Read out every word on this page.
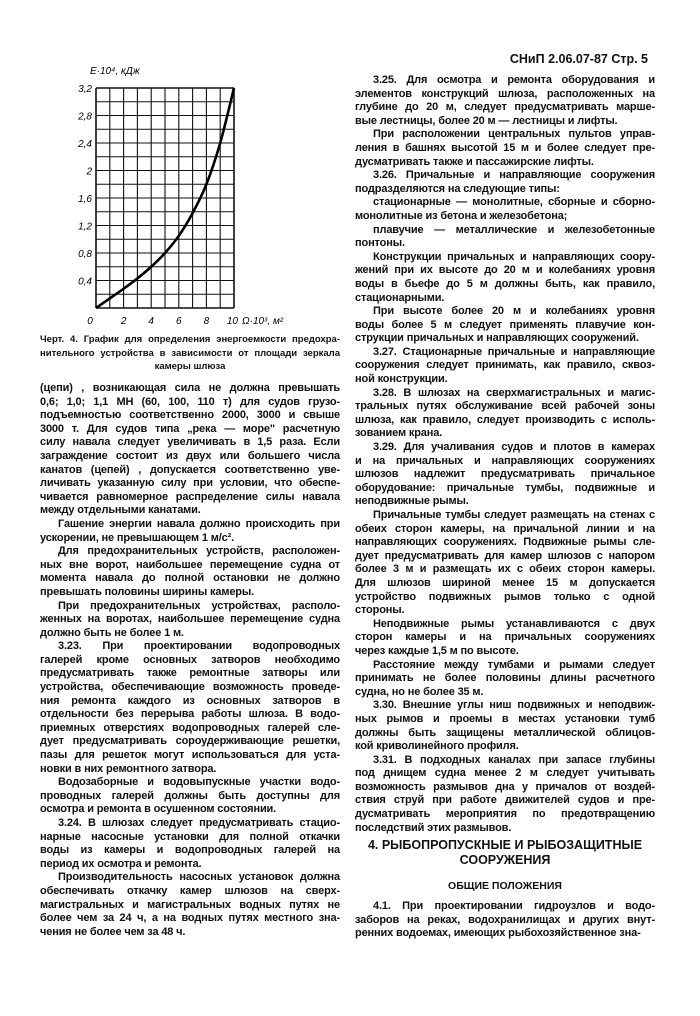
СНиП 2.06.07-87 Стр. 5
0,4
0,8
1,2
1,6
2
2,4
2,8
3,2
0	2 4 6 8 10 Ω·10³, м²
E·10⁴, кДж
Черт. 4. График для определения энергоемкости предохра-
нительного устройства в зависимости от площади зеркала
камеры шлюза
(цепи) , возникающая сила не должна превышать
0,6; 1,0; 1,1 МН (60, 100, 110 т) для судов грузо-
подъемностью соответственно 2000, 3000 и свыше
3000 т. Для судов типа „река — море" расчетную
силу навала следует увеличивать в 1,5 раза. Если
заграждение состоит из двух или большего числа
канатов (цепей) , допускается соответственно уве-
личивать указанную силу при условии, что обеспе-
чивается равномерное распределение силы навала
между отдельными канатами.
Гашение энергии навала должно происходить при
ускорении, не превышающем 1 м/с².
Для предохранительных устройств, расположен-
ных вне ворот, наибольшее перемещение судна от
момента навала до полной остановки не должно
превышать половины ширины камеры.
При предохранительных устройствах, располо-
женных на воротах, наибольшее перемещение судна
должно быть не более 1 м.
3.23. При проектировании водопроводных
галерей кроме основных затворов необходимо
предусматривать также ремонтные затворы или
устройства, обеспечивающие возможность проведе-
ния ремонта каждого из основных затворов в
отдельности без перерыва работы шлюза. В водо-
приемных отверстиях водопроводных галерей сле-
дует предусматривать сороудерживающие решетки,
пазы для решеток могут использоваться для уста-
новки в них ремонтного затвора.
Водозаборные и водовыпускные участки водо-
проводных галерей должны быть доступны для
осмотра и ремонта в осушенном состоянии.
3.24. В шлюзах следует предусматривать стацио-
нарные насосные установки для полной откачки
воды из камеры и водопроводных галерей на
период их осмотра и ремонта.
Производительность насосных установок должна
обеспечивать откачку камер шлюзов на сверх-
магистральных и магистральных водных путях не
более чем за 24 ч, а на водных путях местного зна-
чения не более чем за 48 ч.
3.25. Для осмотра и ремонта оборудования и
элементов конструкций шлюза, расположенных на
глубине до 20 м, следует предусматривать марше-
вые лестницы, более 20 м — лестницы и лифты.
При расположении центральных пультов управ-
ления в башнях высотой 15 м и более следует пре-
дусматривать также и пассажирские лифты.
3.26. Причальные и направляющие сооружения
подразделяются на следующие типы:
стационарные — монолитные, сборные и сборно-
монолитные из бетона и железобетона;
плавучие — металлические и железобетонные
понтоны.
Конструкции причальных и направляющих соору-
жений при их высоте до 20 м и колебаниях уровня
воды в бьефе до 5 м должны быть, как правило,
стационарными.
При высоте более 20 м и колебаниях уровня
воды более 5 м следует применять плавучие кон-
струкции причальных и направляющих сооружений.
3.27. Стационарные причальные и направляющие
сооружения следует принимать, как правило, сквоз-
ной конструкции.
3.28. В шлюзах на сверхмагистральных и магис-
тральных путях обслуживание всей рабочей зоны
шлюза, как правило, следует производить с исполь-
зованием крана.
3.29. Для учаливания судов и плотов в камерах
и на причальных и направляющих сооружениях
шлюзов надлежит предусматривать причальное
оборудование: причальные тумбы, подвижные и
неподвижные рымы.
Причальные тумбы следует размещать на стенах с
обеих сторон камеры, на причальной линии и на
направляющих сооружениях. Подвижные рымы сле-
дует предусматривать для камер шлюзов с напором
более 3 м и размещать их с обеих сторон камеры.
Для шлюзов шириной менее 15 м допускается
устройство подвижных рымов только с одной
стороны.
Неподвижные рымы устанавливаются с двух
сторон камеры и на причальных сооружениях
через каждые 1,5 м по высоте.
Расстояние между тумбами и рымами следует
принимать не более половины длины расчетного
судна, но не более 35 м.
3.30. Внешние углы ниш подвижных и неподвиж-
ных рымов и проемы в местах установки тумб
должны быть защищены металлической облицов-
кой криволинейного профиля.
3.31. В подходных каналах при запасе глубины
под днищем судна менее 2 м следует учитывать
возможность размывов дна у причалов от воздей-
ствия струй при работе движителей судов и пре-
дусматривать мероприятия по предотвращению
последствий этих размывов.
4. РЫБОПРОПУСКНЫЕ И РЫБОЗАЩИТНЫЕ
СООРУЖЕНИЯ
ОБЩИЕ ПОЛОЖЕНИЯ
4.1. При проектировании гидроузлов и водо-
заборов на реках, водохранилищах и других внут-
ренних водоемах, имеющих рыбохозяйственное зна-
